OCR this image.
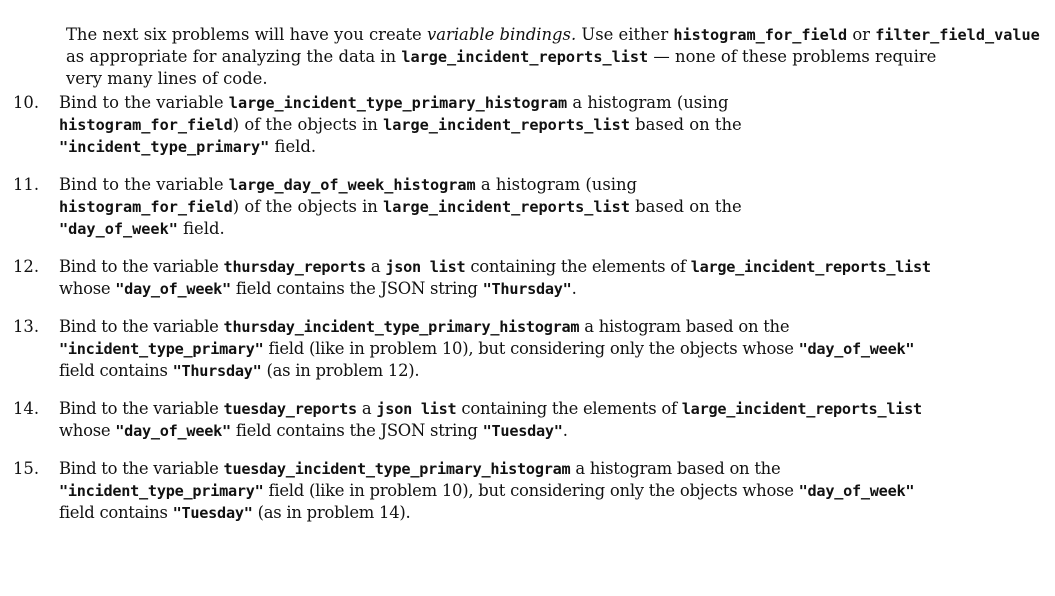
The next six problems will have you create variable bindings. Use either histogram_for_field or filter_field_value
as appropriate for analyzing the data in large_incident_reports_list — none of these problems require
very many lines of code.

10.	Bind to the variable large_incident_type_primary_histogram a histogram (using
histogram_for_field) of the objects in large_incident_reports_list based on the
"incident_type_primary" field.
11.	Bind to the variable large_day_of_week_histogram a histogram (using
histogram_for_field) of the objects in large_incident_reports_list based on the
"day_of_week" field.
12.	Bind to the variable thursday_reports a json list containing the elements of large_incident_reports_list
whose "day_of_week" field contains the JSON string "Thursday".
13.	Bind to the variable thursday_incident_type_primary_histogram a histogram based on the
"incident_type_primary" field (like in problem 10), but considering only the objects whose "day_of_week"
field contains "Thursday" (as in problem 12).
14.	Bind to the variable tuesday_reports a json list containing the elements of large_incident_reports_list
whose "day_of_week" field contains the JSON string "Tuesday".
15.	Bind to the variable tuesday_incident_type_primary_histogram a histogram based on the
"incident_type_primary" field (like in problem 10), but considering only the objects whose "day_of_week"
field contains "Tuesday" (as in problem 14).
